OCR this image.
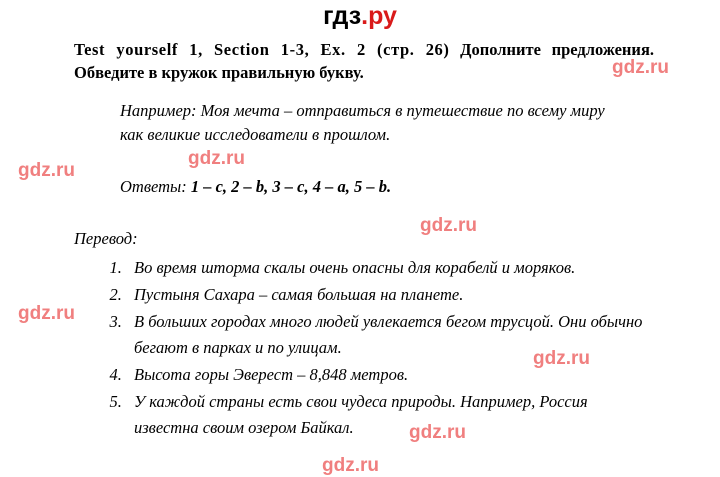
гдз.ру
gdz.ru
gdz.ru
gdz.ru
gdz.ru
gdz.ru
gdz.ru
gdz.ru
gdz.ru
Test yourself 1, Section 1-3, Ex. 2 (стр. 26) Дополните предложения. Обведите в кружок правильную букву.
Например: Моя мечта – отправиться в путешествие по всему миру как великие исследователи в прошлом.
Ответы: 1 – c, 2 – b, 3 – c, 4 – a, 5 – b.
Перевод:
1. Во время шторма скалы очень опасны для корабелй и моряков.
2. Пустыня Сахара – самая большая на планете.
3. В больших городах много людей увлекается бегом трусцой. Они обычно бегают в парках и по улицам.
4. Высота горы Эверест – 8,848 метров.
5. У каждой страны есть свои чудеса природы. Например, Россия известна своим озером Байкал.
